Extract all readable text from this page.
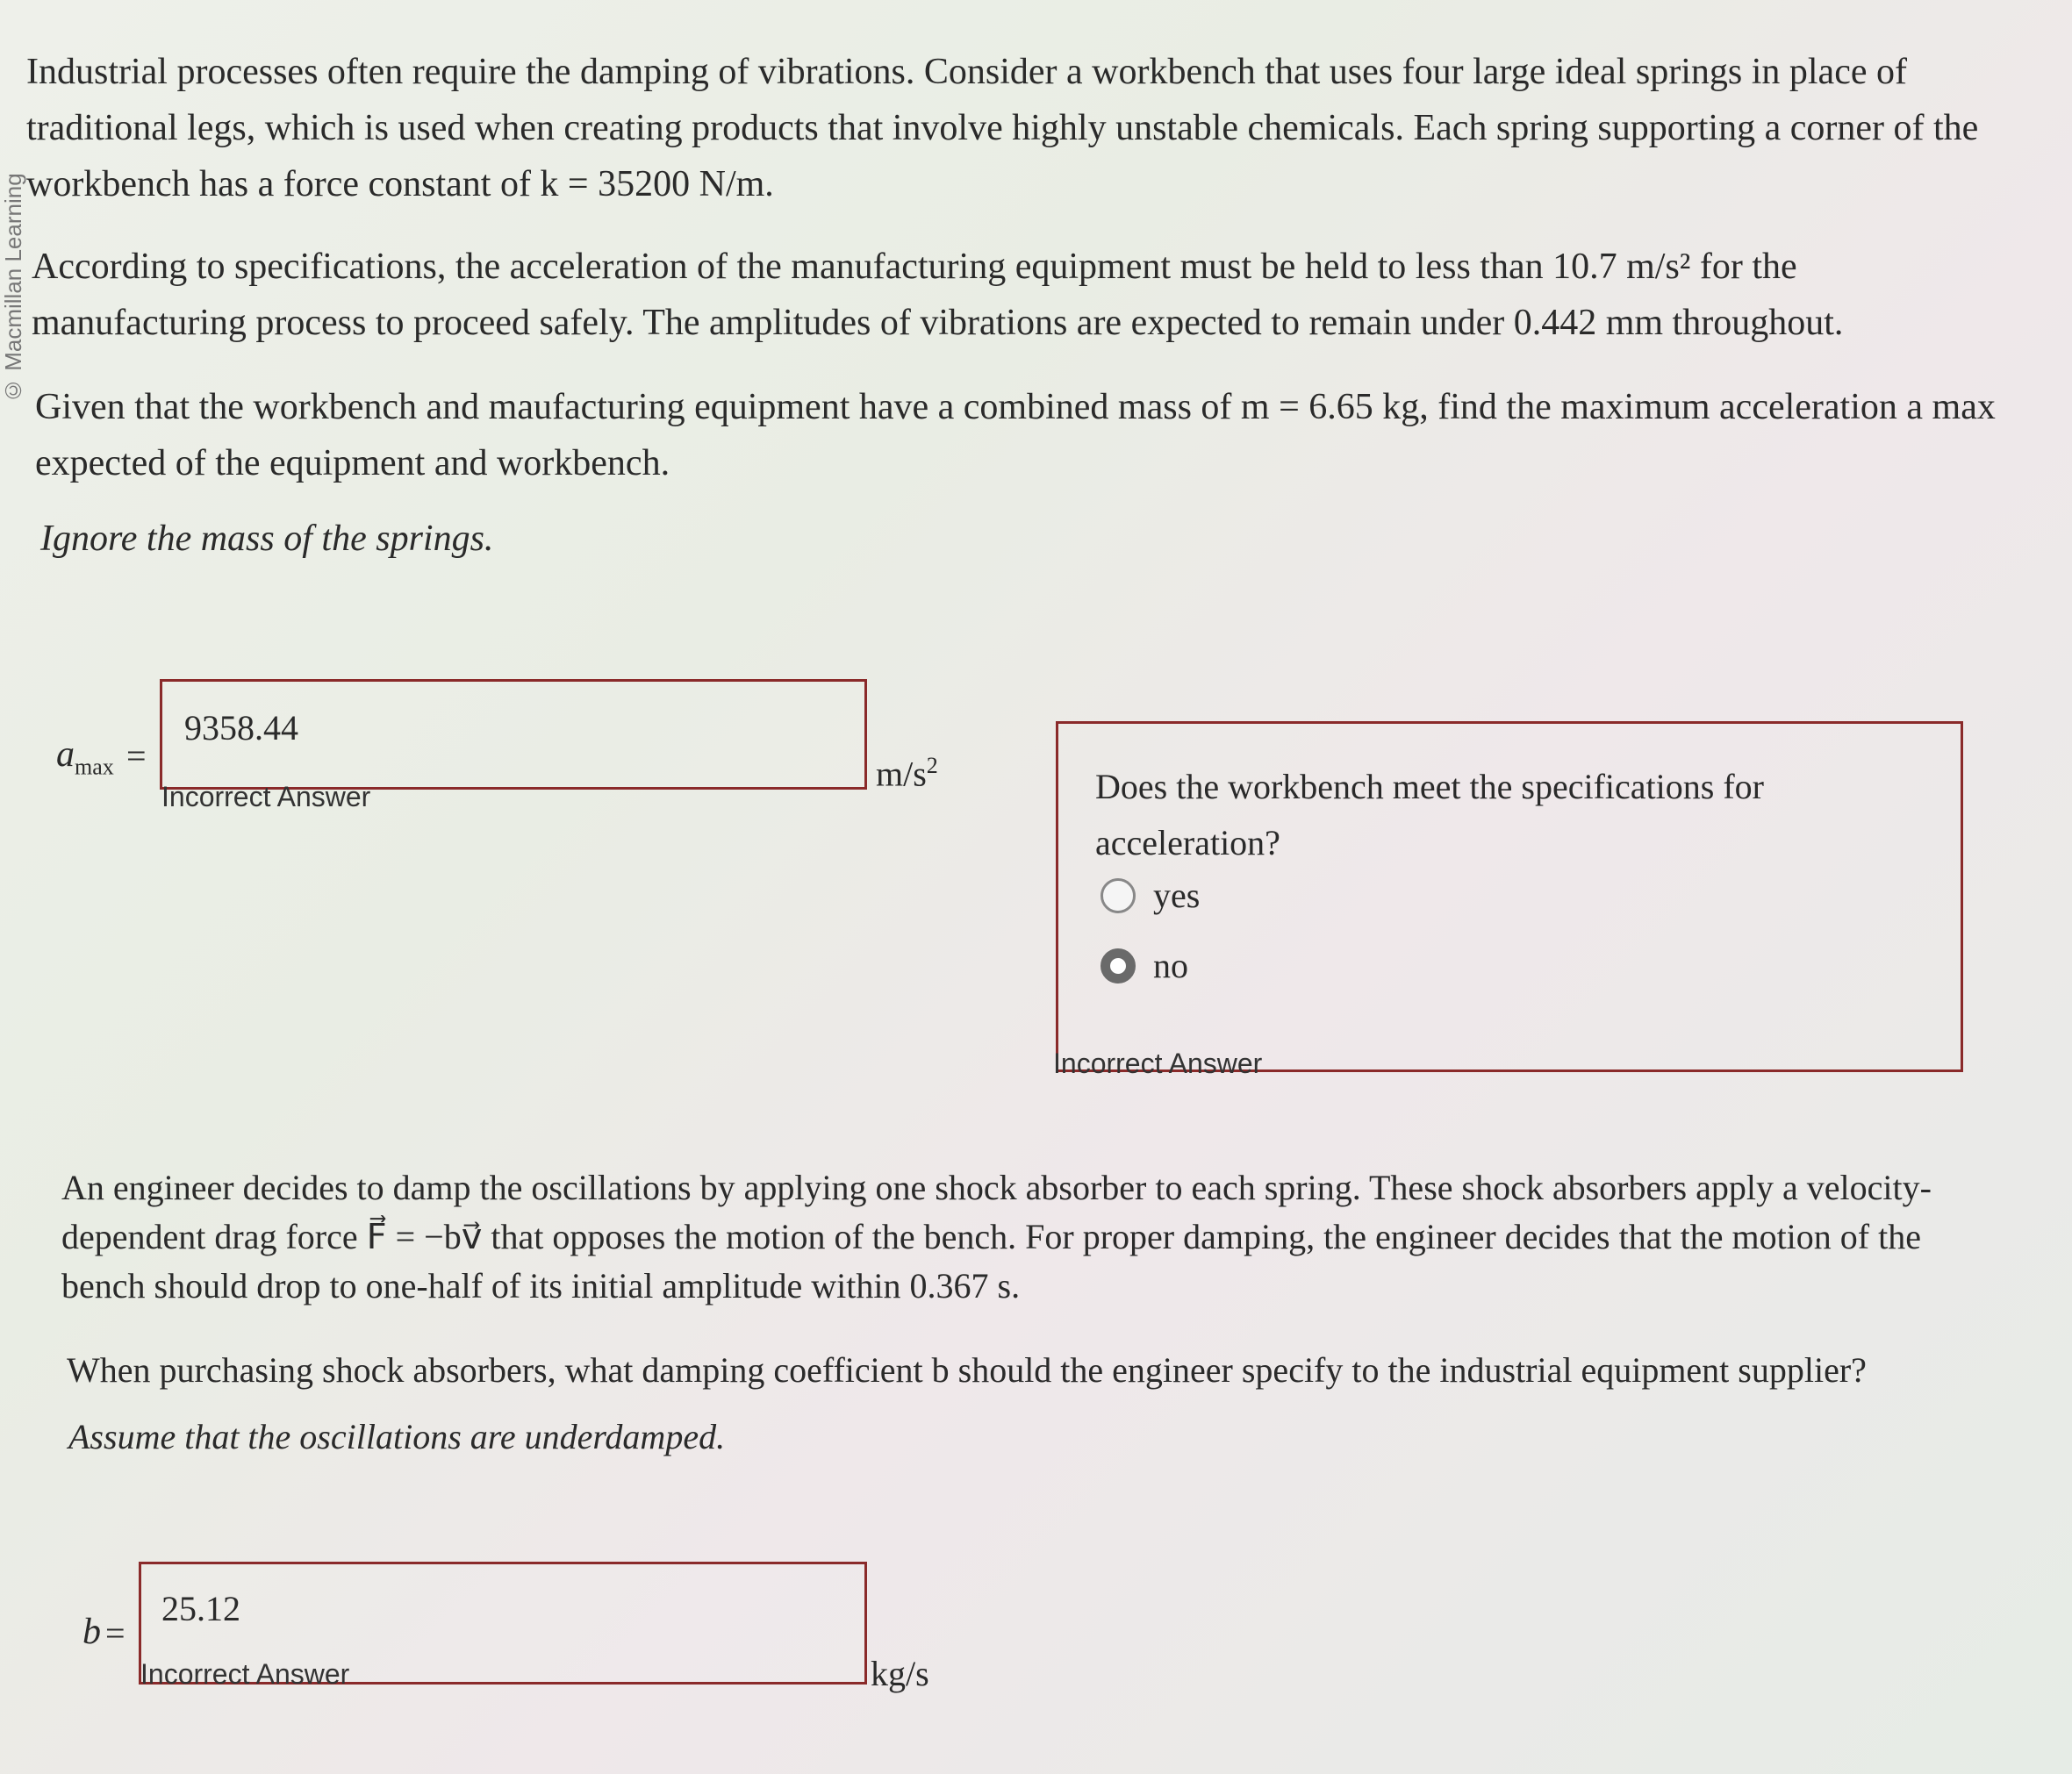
© Macmillan Learning

Industrial processes often require the damping of vibrations. Consider a workbench that uses four large ideal springs in place of traditional legs, which is used when creating products that involve highly unstable chemicals. Each spring supporting a corner of the workbench has a force constant of k = 35200 N/m.

According to specifications, the acceleration of the manufacturing equipment must be held to less than 10.7 m/s² for the manufacturing process to proceed safely. The amplitudes of vibrations are expected to remain under 0.442 mm throughout.

Given that the workbench and maufacturing equipment have a combined mass of m = 6.65 kg, find the maximum acceleration a max expected of the equipment and workbench.

Ignore the mass of the springs.

$a_{max}$ =
9358.44
Incorrect Answer
$m/s^2$

Does the workbench meet the specifications for acceleration?

yes
no
Incorrect Answer

An engineer decides to damp the oscillations by applying one shock absorber to each spring. These shock absorbers apply a velocity-dependent drag force F⃗ = −bv⃗ that opposes the motion of the bench. For proper damping, the engineer decides that the motion of the bench should drop to one-half of its initial amplitude within 0.367 s.

When purchasing shock absorbers, what damping coefficient b should the engineer specify to the industrial equipment supplier?

Assume that the oscillations are underdamped.

b =
25.12
Incorrect Answer	kg/s
